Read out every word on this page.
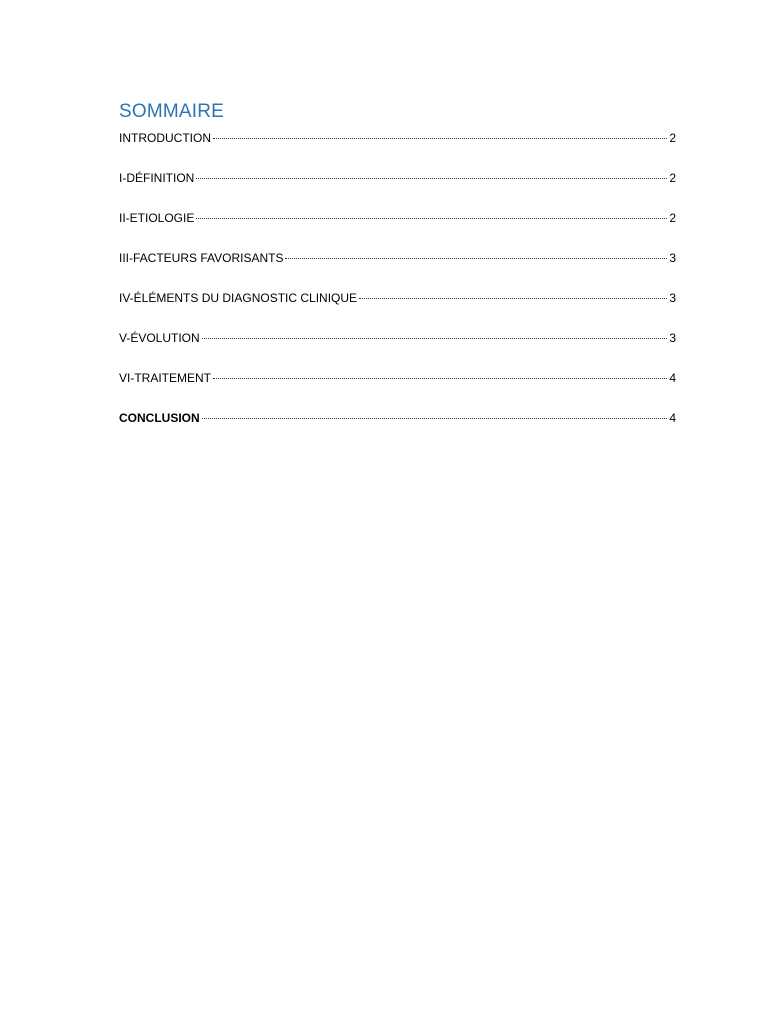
SOMMAIRE
INTRODUCTION	2
I-DÉFINITION	2
II-ETIOLOGIE	2
III-FACTEURS FAVORISANTS	3
IV-ÉLÉMENTS DU DIAGNOSTIC CLINIQUE	3
V-ÉVOLUTION	3
VI-TRAITEMENT	4
CONCLUSION	4
